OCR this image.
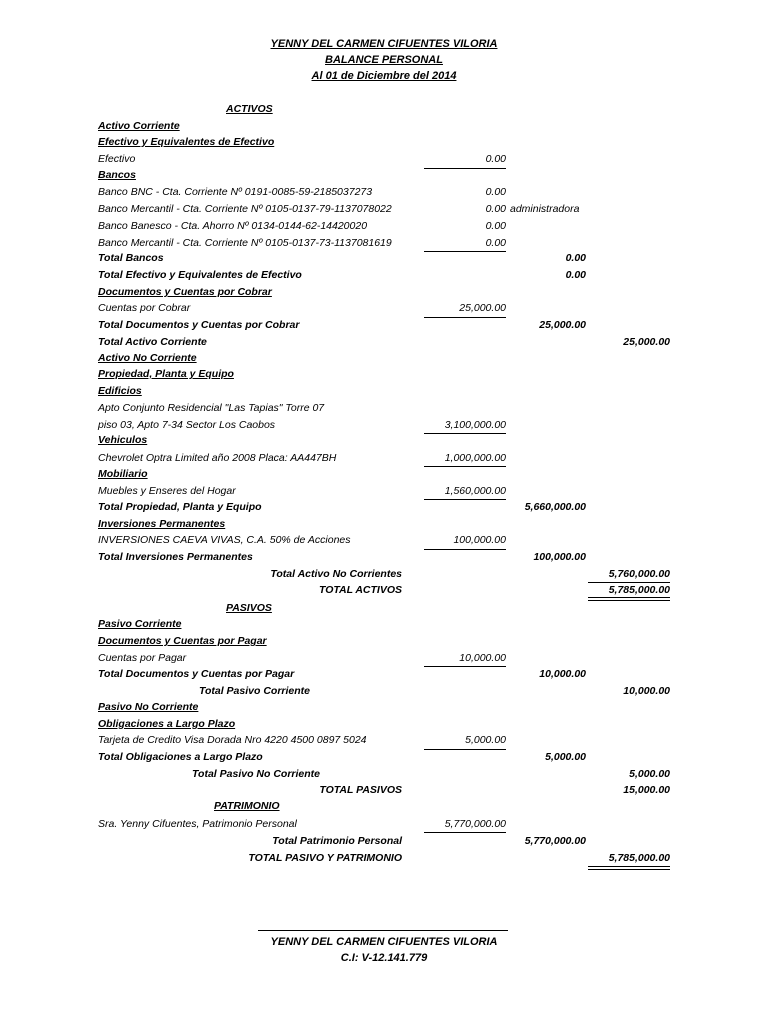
YENNY DEL CARMEN CIFUENTES VILORIA
BALANCE PERSONAL
Al 01 de Diciembre del 2014
ACTIVOS
Activo Corriente
Efectivo y Equivalentes de Efectivo
Efectivo	0.00
Bancos
Banco BNC - Cta. Corriente Nº 0191-0085-59-2185037273	0.00
Banco Mercantil - Cta. Corriente Nº 0105-0137-79-1137078022	0.00 administradora
Banco Banesco - Cta. Ahorro Nº 0134-0144-62-14420020	0.00
Banco Mercantil - Cta. Corriente Nº 0105-0137-73-1137081619	0.00
Total Bancos	0.00
Total Efectivo y Equivalentes de Efectivo	0.00
Documentos y Cuentas por Cobrar
Cuentas por Cobrar	25,000.00
Total Documentos y Cuentas por Cobrar	25,000.00
Total Activo Corriente	25,000.00
Activo No Corriente
Propiedad, Planta y Equipo
Edificios
Apto Conjunto Residencial "Las Tapias" Torre 07
piso 03, Apto 7-34 Sector Los Caobos	3,100,000.00
Vehiculos
Chevrolet Optra Limited año 2008 Placa: AA447BH	1,000,000.00
Mobiliario
Muebles y Enseres del Hogar	1,560,000.00
Total Propiedad, Planta y Equipo	5,660,000.00
Inversiones Permanentes
INVERSIONES CAEVA VIVAS, C.A. 50% de Acciones	100,000.00
Total Inversiones Permanentes	100,000.00
Total Activo No Corrientes	5,760,000.00
TOTAL ACTIVOS	5,785,000.00
PASIVOS
Pasivo Corriente
Documentos y Cuentas por Pagar
Cuentas por Pagar	10,000.00
Total Documentos y Cuentas por Pagar	10,000.00
Total Pasivo Corriente	10,000.00
Pasivo No Corriente
Obligaciones a Largo Plazo
Tarjeta de Credito Visa Dorada Nro 4220 4500 0897 5024	5,000.00
Total Obligaciones a Largo Plazo	5,000.00
Total Pasivo No Corriente	5,000.00
TOTAL PASIVOS	15,000.00
PATRIMONIO
Sra. Yenny Cifuentes, Patrimonio Personal	5,770,000.00
Total Patrimonio Personal	5,770,000.00
TOTAL PASIVO Y PATRIMONIO	5,785,000.00
YENNY DEL CARMEN CIFUENTES VILORIA
C.I: V-12.141.779
